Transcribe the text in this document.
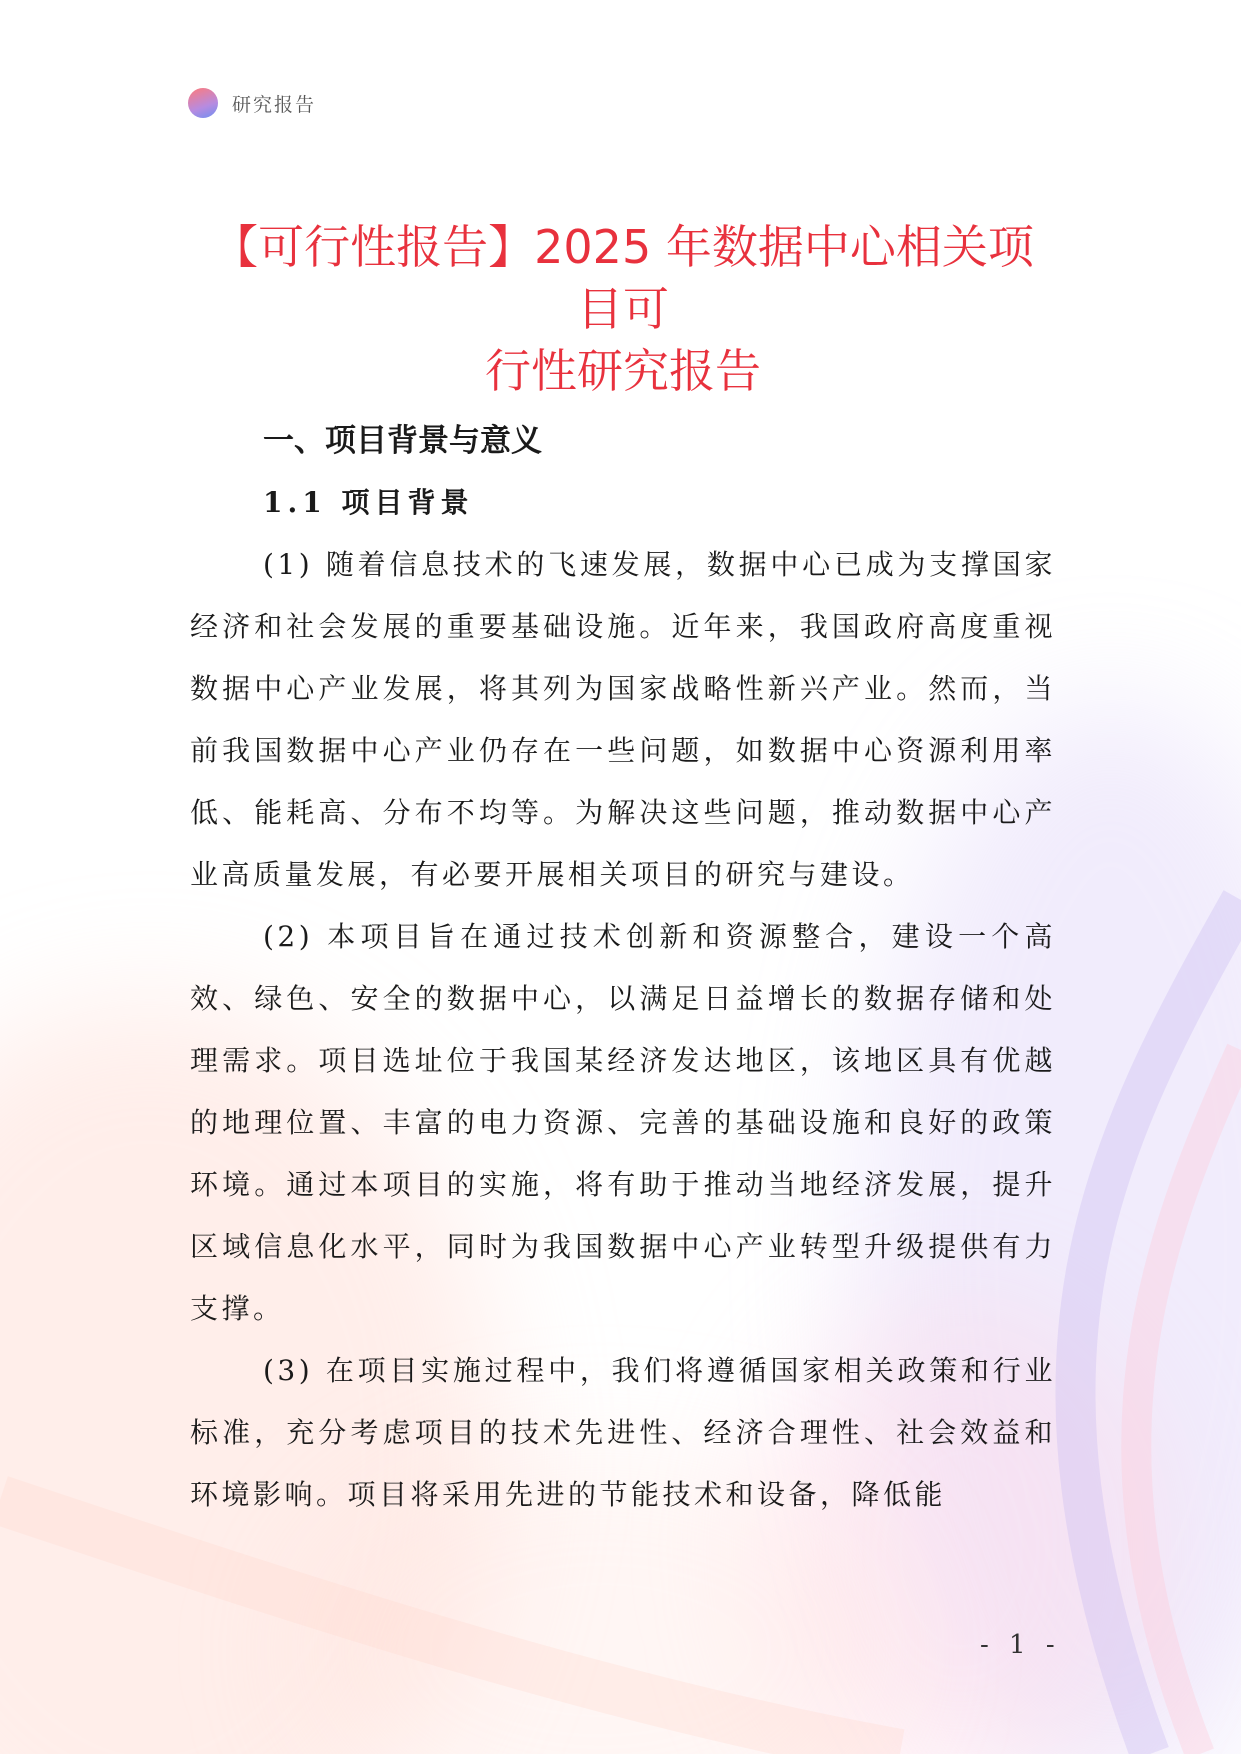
研究报告
【可行性报告】2025 年数据中心相关项目可
行性研究报告
一、项目背景与意义
1.1 项目背景

(1) 随着信息技术的飞速发展，数据中心已成为支撑国家经济和社会发展的重要基础设施。近年来，我国政府高度重视数据中心产业发展，将其列为国家战略性新兴产业。然而，当前我国数据中心产业仍存在一些问题，如数据中心资源利用率低、能耗高、分布不均等。为解决这些问题，推动数据中心产业高质量发展，有必要开展相关项目的研究与建设。

(2) 本项目旨在通过技术创新和资源整合，建设一个高效、绿色、安全的数据中心，以满足日益增长的数据存储和处理需求。项目选址位于我国某经济发达地区，该地区具有优越的地理位置、丰富的电力资源、完善的基础设施和良好的政策环境。通过本项目的实施，将有助于推动当地经济发展，提升区域信息化水平，同时为我国数据中心产业转型升级提供有力支撑。

(3) 在项目实施过程中，我们将遵循国家相关政策和行业标准，充分考虑项目的技术先进性、经济合理性、社会效益和环境影响。项目将采用先进的节能技术和设备，降低能

- 1 -
